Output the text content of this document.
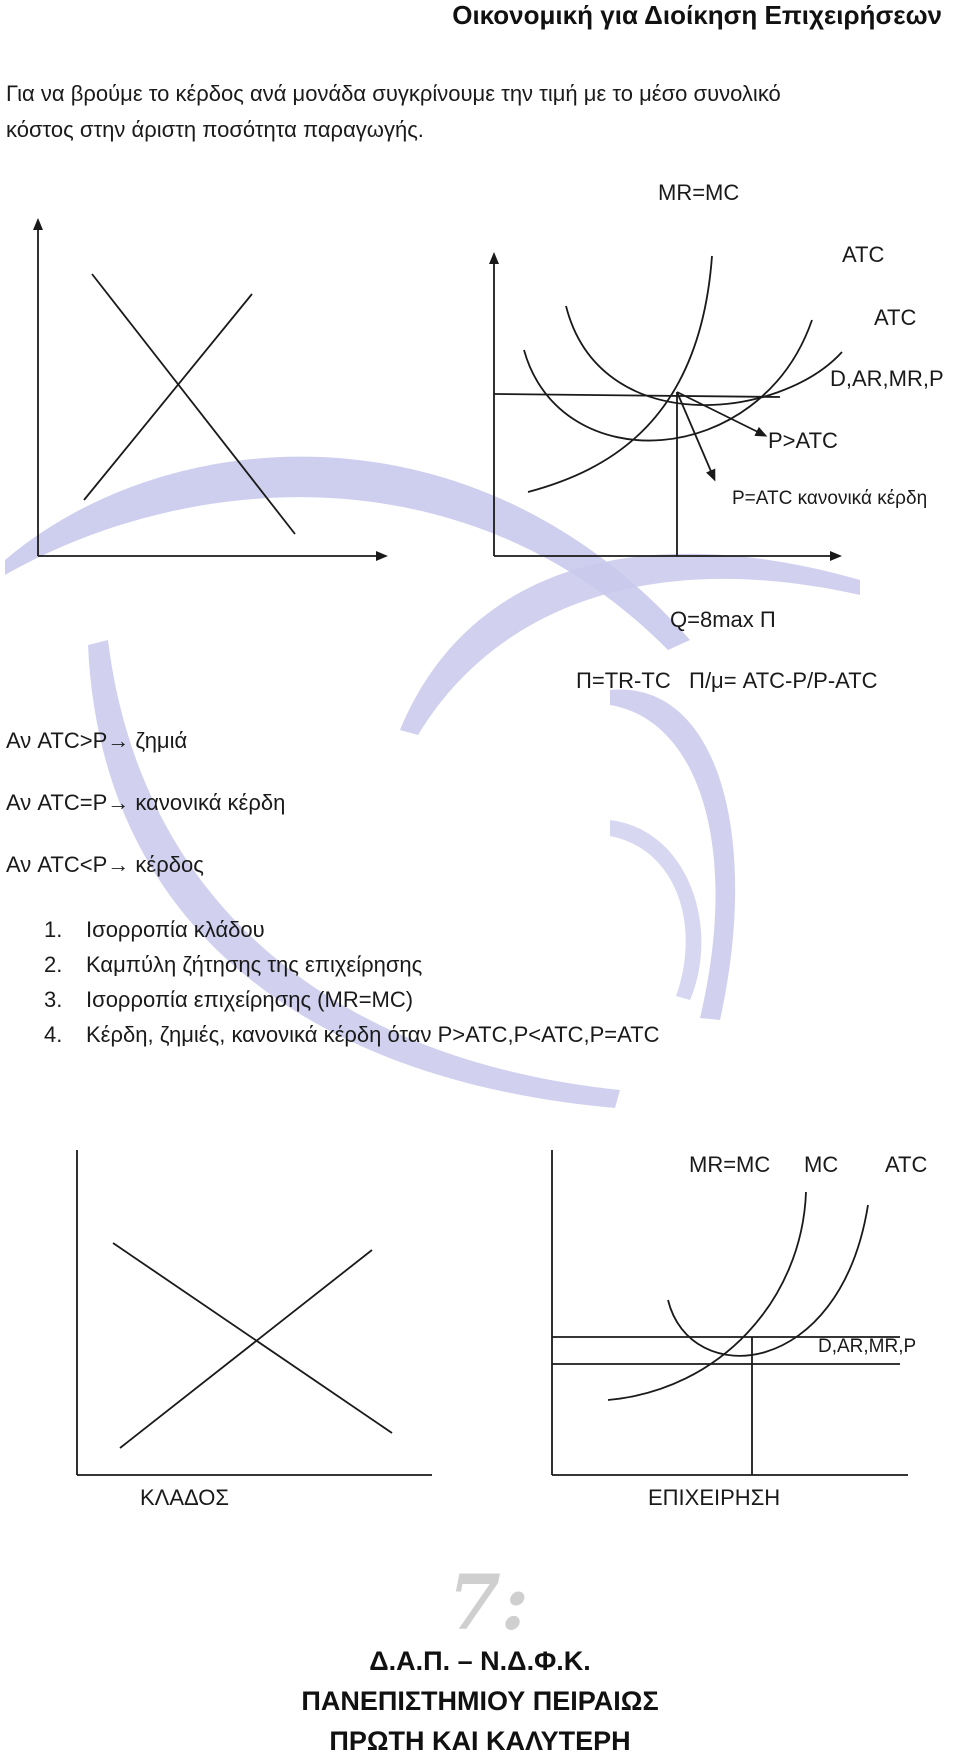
Οικονομική για Διοίκηση Επιχειρήσεων
Για να βρούμε το κέρδος ανά μονάδα συγκρίνουμε την τιμή με το μέσο συνολικό
κόστος στην άριστη ποσότητα παραγωγής.
MR=MC
ATC
ATC
D,AR,MR,P
P>ATC
P=ATC κανονικά κέρδη
Q=8max Π
Π=TR-TC   Π/μ= ATC-P/P-ATC
Αν ATC>P→ ζημιά
Αν ATC=P→ κανονικά κέρδη
Αν ATC<P→ κέρδος
1.	Ισορροπία κλάδου
2.	Καμπύλη ζήτησης της επιχείρησης
3.	Ισορροπία επιχείρησης (MR=MC)
4.	Κέρδη, ζημιές, κανονικά κέρδη όταν P>ATC,P<ATC,P=ATC
MR=MC MC ATC
D,AR,MR,P
ΚΛΑΔΟΣ	ΕΠΙΧΕΙΡΗΣΗ
7:
Δ.Α.Π. – Ν.Δ.Φ.Κ.
ΠΑΝΕΠΙΣΤΗΜΙΟΥ ΠΕΙΡΑΙΩΣ
ΠΡΩΤΗ ΚΑΙ ΚΑΛΥΤΕΡΗ
